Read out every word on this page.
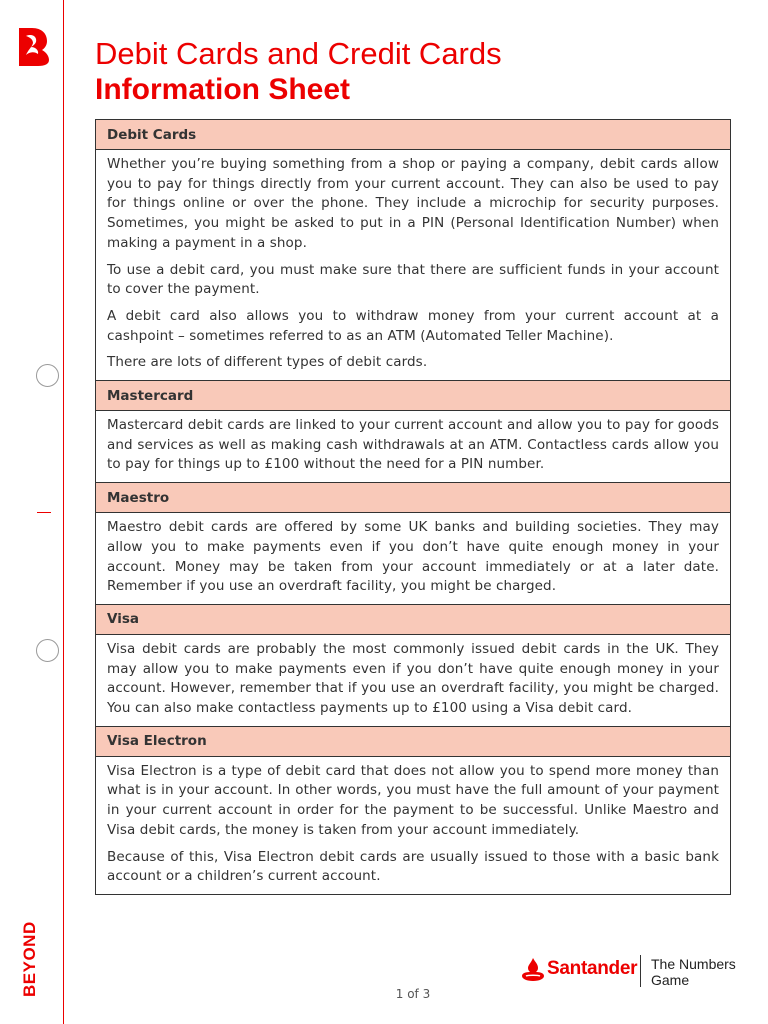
BEYOND
Debit Cards and Credit Cards
Information Sheet
Debit Cards

Whether you’re buying something from a shop or paying a company, debit cards allow you to pay for things directly from your current account. They can also be used to pay for things online or over the phone. They include a microchip for security purposes. Sometimes, you might be asked to put in a PIN (Personal Identification Number) when making a payment in a shop.

To use a debit card, you must make sure that there are sufficient funds in your account to cover the payment.

A debit card also allows you to withdraw money from your current account at a cashpoint – sometimes referred to as an ATM (Automated Teller Machine).

There are lots of different types of debit cards.

Mastercard

Mastercard debit cards are linked to your current account and allow you to pay for goods and services as well as making cash withdrawals at an ATM. Contactless cards allow you to pay for things up to £100 without the need for a PIN number.

Maestro

Maestro debit cards are offered by some UK banks and building societies. They may allow you to make payments even if you don’t have quite enough money in your account. Money may be taken from your account immediately or at a later date. Remember if you use an overdraft facility, you might be charged.

Visa

Visa debit cards are probably the most commonly issued debit cards in the UK. They may allow you to make payments even if you don’t have quite enough money in your account. However, remember that if you use an overdraft facility, you might be charged. You can also make contactless payments up to £100 using a Visa debit card.

Visa Electron

Visa Electron is a type of debit card that does not allow you to spend more money than what is in your account. In other words, you must have the full amount of your payment in your current account in order for the payment to be successful. Unlike Maestro and Visa debit cards, the money is taken from your account immediately.

Because of this, Visa Electron debit cards are usually issued to those with a basic bank account or a children’s current account.

Santander The Numbers
Game
1 of 3
